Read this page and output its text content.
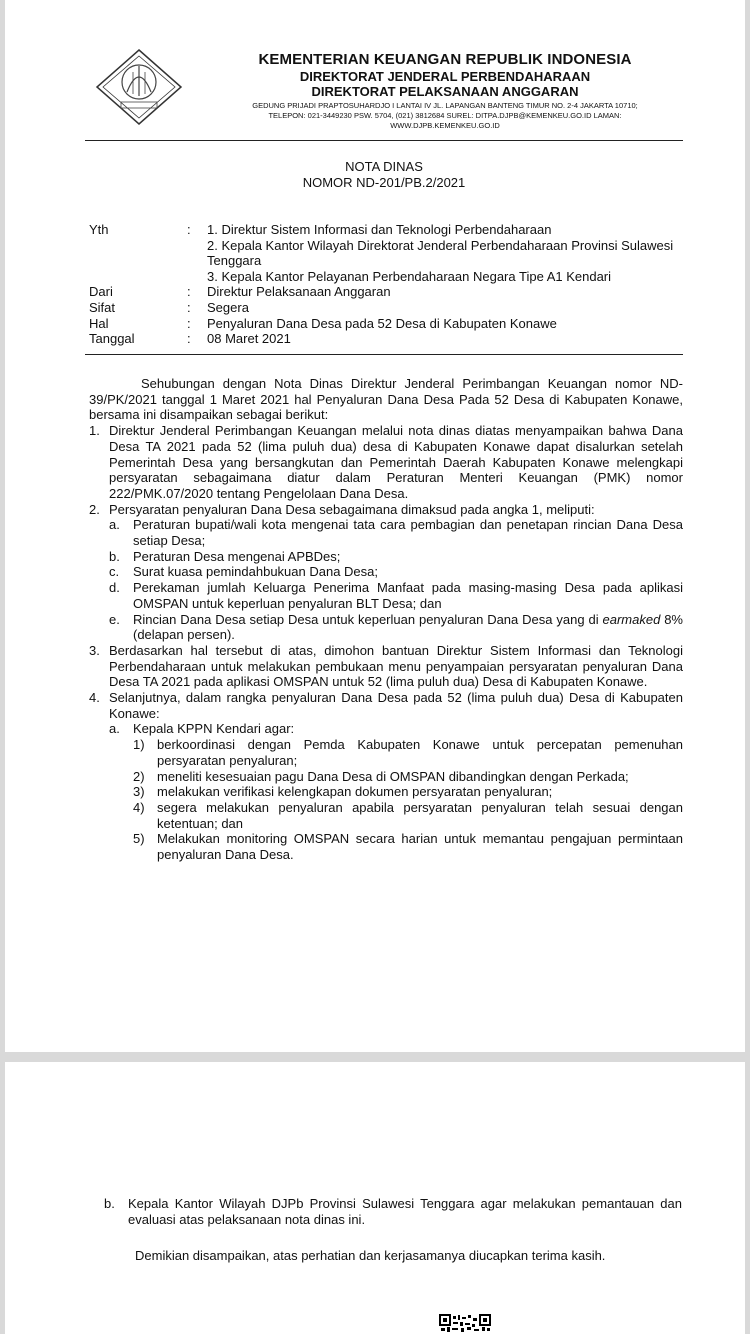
KEMENTERIAN KEUANGAN REPUBLIK INDONESIA
DIREKTORAT JENDERAL PERBENDAHARAAN
DIREKTORAT PELAKSANAAN ANGGARAN
GEDUNG PRIJADI PRAPTOSUHARDJO I LANTAI IV JL. LAPANGAN BANTENG TIMUR NO. 2-4 JAKARTA 10710;
TELEPON: 021-3449230 PSW. 5704, (021) 3812684 SUREL: DITPA.DJPB@KEMENKEU.GO.ID LAMAN:
WWW.DJPB.KEMENKEU.GO.ID
NOTA DINAS
NOMOR ND-201/PB.2/2021
Yth	:	1. Direktur Sistem Informasi dan Teknologi Perbendaharaan
2. Kepala Kantor Wilayah Direktorat Jenderal Perbendaharaan Provinsi Sulawesi Tenggara
3. Kepala Kantor Pelayanan Perbendaharaan Negara Tipe A1 Kendari
Dari	:	Direktur Pelaksanaan Anggaran
Sifat	:	Segera
Hal	:	Penyaluran Dana Desa pada 52 Desa di Kabupaten Konawe
Tanggal	:	08 Maret 2021
Sehubungan dengan Nota Dinas Direktur Jenderal Perimbangan Keuangan nomor ND-39/PK/2021 tanggal 1 Maret 2021 hal Penyaluran Dana Desa Pada 52 Desa di Kabupaten Konawe, bersama ini disampaikan sebagai berikut:
1. Direktur Jenderal Perimbangan Keuangan melalui nota dinas diatas menyampaikan bahwa Dana Desa TA 2021 pada 52 (lima puluh dua) desa di Kabupaten Konawe dapat disalurkan setelah Pemerintah Desa yang bersangkutan dan Pemerintah Daerah Kabupaten Konawe melengkapi persyaratan sebagaimana diatur dalam Peraturan Menteri Keuangan (PMK) nomor 222/PMK.07/2020 tentang Pengelolaan Dana Desa.
2. Persyaratan penyaluran Dana Desa sebagaimana dimaksud pada angka 1, meliputi:
a.	Peraturan bupati/wali kota mengenai tata cara pembagian dan penetapan rincian Dana Desa setiap Desa;
b.	Peraturan Desa mengenai APBDes;
c.	Surat kuasa pemindahbukuan Dana Desa;
d.	Perekaman jumlah Keluarga Penerima Manfaat pada masing-masing Desa pada aplikasi OMSPAN untuk keperluan penyaluran BLT Desa; dan
e.	Rincian Dana Desa setiap Desa untuk keperluan penyaluran Dana Desa yang di earmaked 8% (delapan persen).
3. Berdasarkan hal tersebut di atas, dimohon bantuan Direktur Sistem Informasi dan Teknologi Perbendaharaan untuk melakukan pembukaan menu penyampaian persyaratan penyaluran Dana Desa TA 2021 pada aplikasi OMSPAN untuk 52 (lima puluh dua) Desa di Kabupaten Konawe.
4. Selanjutnya, dalam rangka penyaluran Dana Desa pada 52 (lima puluh dua) Desa di Kabupaten Konawe:
a.	Kepala KPPN Kendari agar:
1) berkoordinasi dengan Pemda Kabupaten Konawe untuk percepatan pemenuhan persyaratan penyaluran;
2) meneliti kesesuaian pagu Dana Desa di OMSPAN dibandingkan dengan Perkada;
3) melakukan verifikasi kelengkapan dokumen persyaratan penyaluran;
4) segera melakukan penyaluran apabila persyaratan penyaluran telah sesuai dengan ketentuan; dan
5) Melakukan monitoring OMSPAN secara harian untuk memantau pengajuan permintaan penyaluran Dana Desa.
b.	Kepala Kantor Wilayah DJPb Provinsi Sulawesi Tenggara agar melakukan pemantauan dan evaluasi atas pelaksanaan nota dinas ini.
Demikian disampaikan, atas perhatian dan kerjasamanya diucapkan terima kasih.
